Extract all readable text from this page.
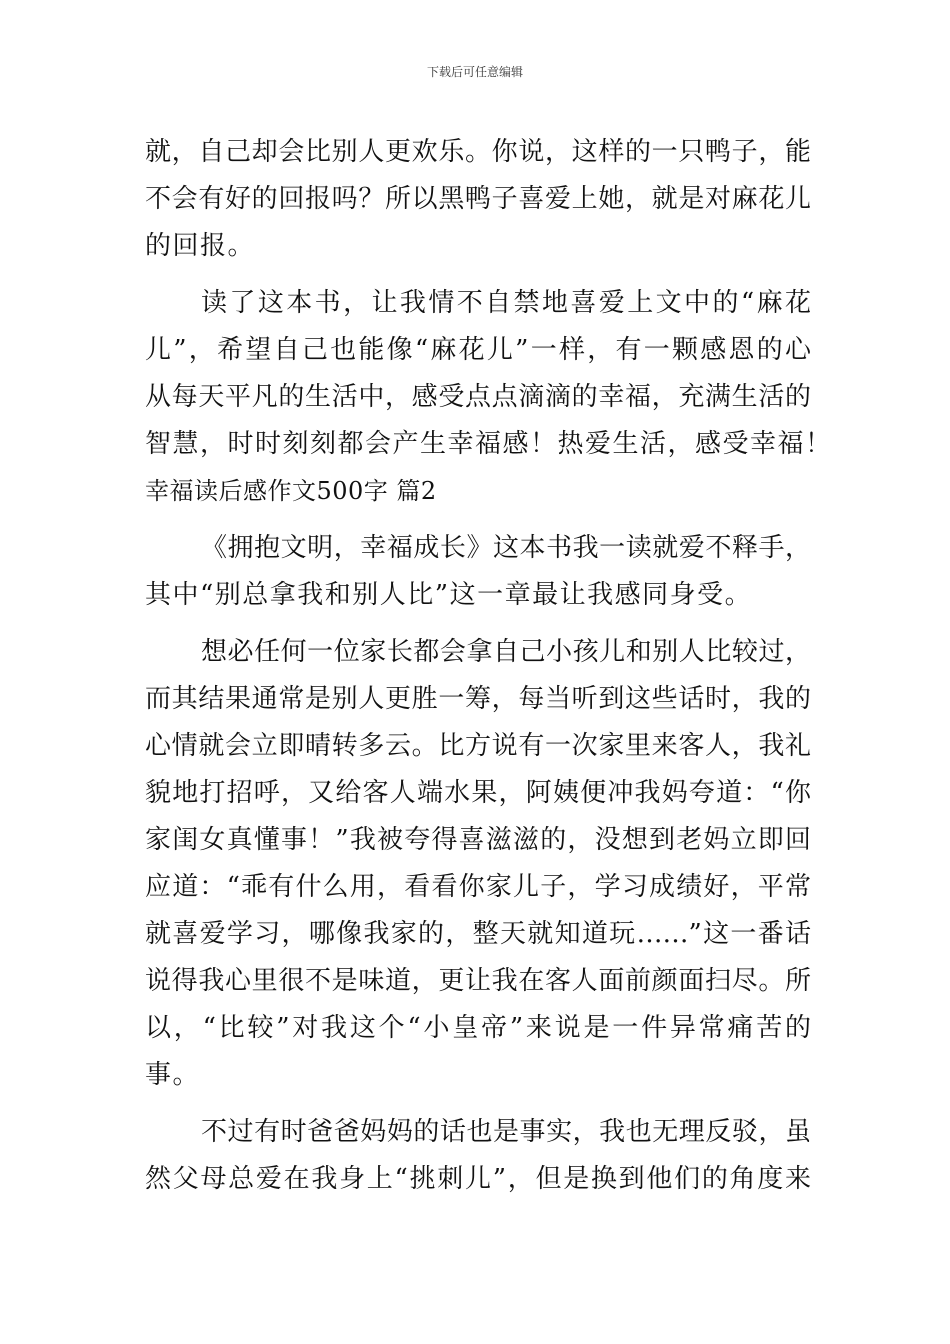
下载后可任意编辑
就，自己却会比别人更欢乐。你说，这样的一只鸭子，能
不会有好的回报吗？所以黑鸭子喜爱上她，就是对麻花儿
的回报。
读了这本书，让我情不自禁地喜爱上文中的“麻花
儿”，希望自己也能像“麻花儿”一样，有一颗感恩的心
从每天平凡的生活中，感受点点滴滴的幸福，充满生活的
智慧，时时刻刻都会产生幸福感！热爱生活，感受幸福！
幸福读后感作文500字 篇2
《拥抱文明，幸福成长》这本书我一读就爱不释手，
其中“别总拿我和别人比”这一章最让我感同身受。
想必任何一位家长都会拿自己小孩儿和别人比较过，
而其结果通常是别人更胜一筹，每当听到这些话时，我的
心情就会立即晴转多云。比方说有一次家里来客人，我礼
貌地打招呼，又给客人端水果，阿姨便冲我妈夸道：“你
家闺女真懂事！”我被夸得喜滋滋的，没想到老妈立即回
应道：“乖有什么用，看看你家儿子，学习成绩好，平常
就喜爱学习，哪像我家的，整天就知道玩……”这一番话
说得我心里很不是味道，更让我在客人面前颜面扫尽。所
以，“比较”对我这个“小皇帝”来说是一件异常痛苦的
事。
不过有时爸爸妈妈的话也是事实，我也无理反驳，虽
然父母总爱在我身上“挑刺儿”，但是换到他们的角度来
